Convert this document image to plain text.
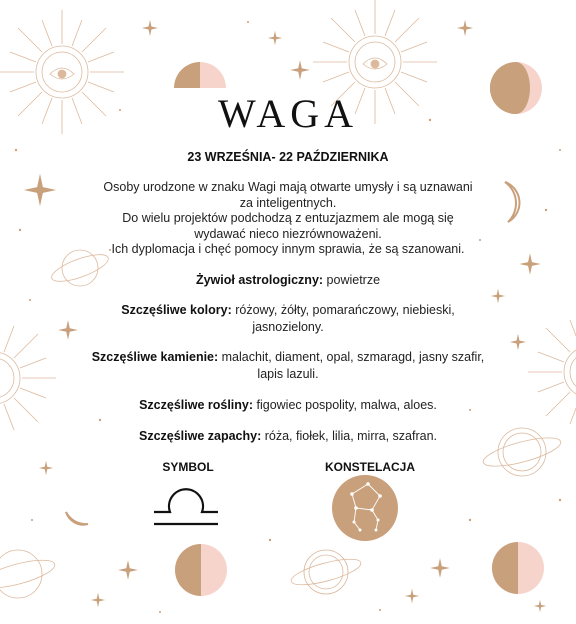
WAGA
23 WRZEŚNIA- 22 PAŹDZIERNIKA
Osoby urodzone w znaku Wagi mają otwarte umysły i są uznawani
za inteligentnych.
Do wielu projektów podchodzą z entuzjazmem ale mogą się
wydawać nieco niezrównoważeni.
Ich dyplomacja i chęć pomocy innym sprawia, że są szanowani.
Żywioł astrologiczny: powietrze
Szczęśliwe kolory: różowy, żółty, pomarańczowy, niebieski, jasnozielony.
Szczęśliwe kamienie: malachit, diament, opal, szmaragd, jasny szafir, lapis lazuli.
Szczęśliwe rośliny: figowiec pospolity, malwa, aloes.
Szczęśliwe zapachy: róża, fiołek, lilia, mirra, szafran.
SYMBOL	KONSTELACJA
